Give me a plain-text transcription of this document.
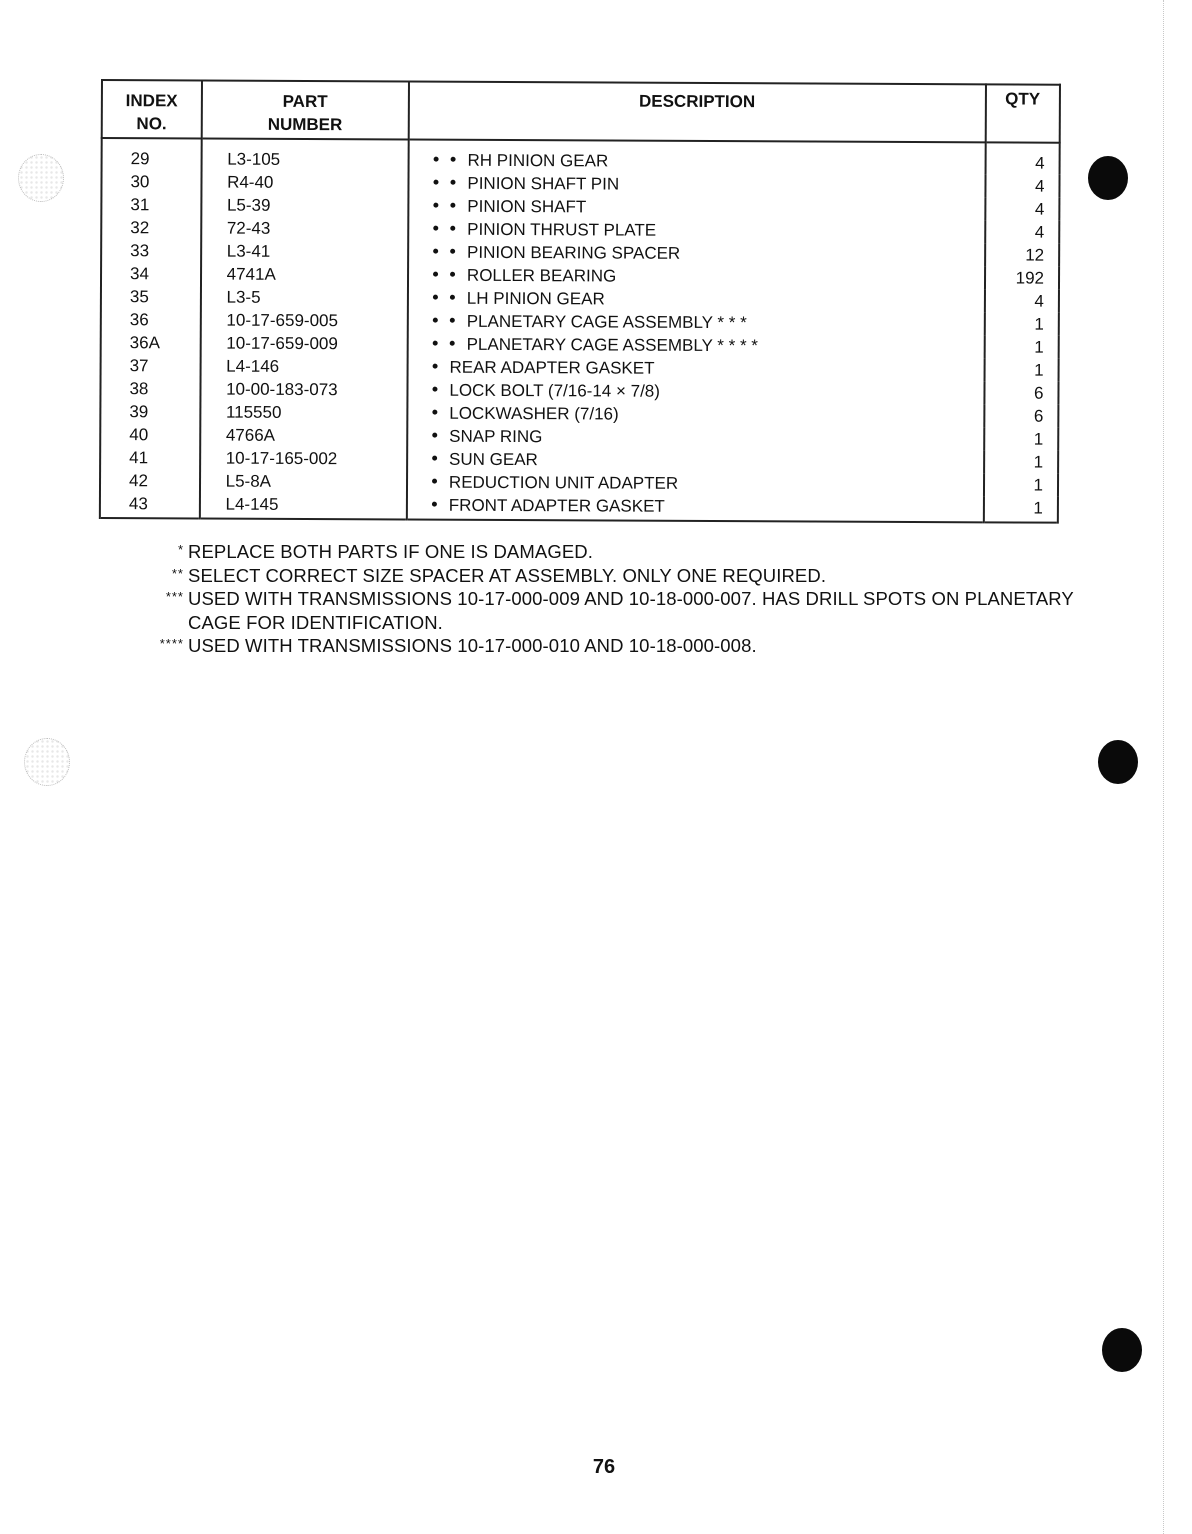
INDEX NO.	PART NUMBER	DESCRIPTION	QTY
29	L3-105	RH PINION GEAR	4
30	R4-40	PINION SHAFT PIN	4
31	L5-39	PINION SHAFT	4
32	72-43	PINION THRUST PLATE	4
33	L3-41	PINION BEARING SPACER	12
34	4741A	ROLLER BEARING	192
35	L3-5	LH PINION GEAR	4
36	10-17-659-005	PLANETARY CAGE ASSEMBLY * * *	1
36A	10-17-659-009	PLANETARY CAGE ASSEMBLY * * * *	1
37	L4-146	REAR ADAPTER GASKET	1
38	10-00-183-073	LOCK BOLT (7/16-14 × 7/8)	6
39	115550	LOCKWASHER (7/16)	6
40	4766A	SNAP RING	1
41	10-17-165-002	SUN GEAR	1
42	L5-8A	REDUCTION UNIT ADAPTER	1
43	L4-145	FRONT ADAPTER GASKET	1
* REPLACE BOTH PARTS IF ONE IS DAMAGED.
** SELECT CORRECT SIZE SPACER AT ASSEMBLY. ONLY ONE REQUIRED.
*** USED WITH TRANSMISSIONS 10-17-000-009 AND 10-18-000-007. HAS DRILL SPOTS ON PLANETARY CAGE FOR IDENTIFICATION.
**** USED WITH TRANSMISSIONS 10-17-000-010 AND 10-18-000-008.
76
